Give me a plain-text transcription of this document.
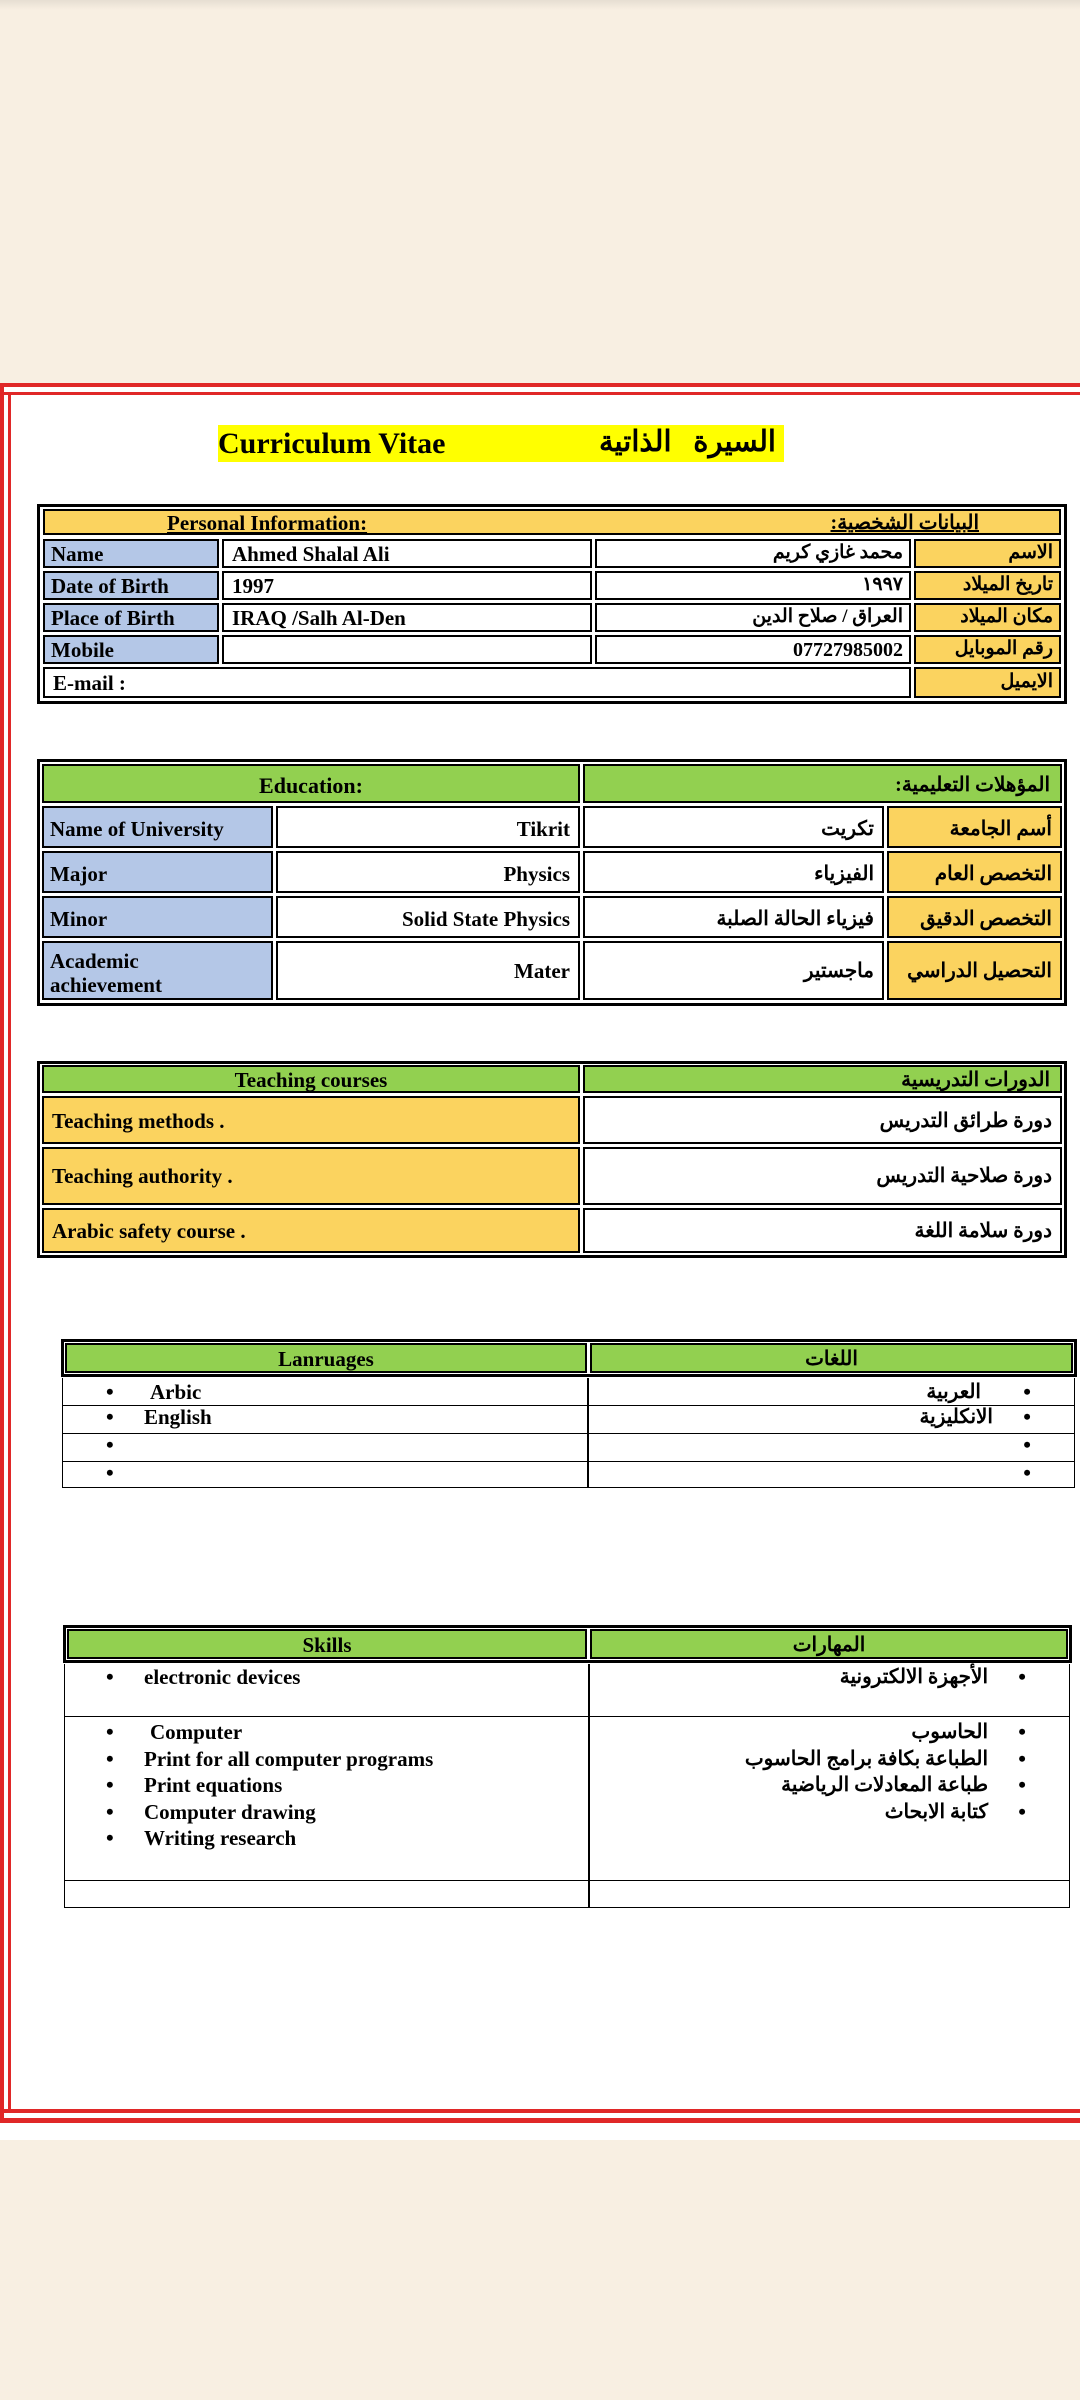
Curriculum Vitae	السيرة   الذاتية
Personal Information:	البيانات الشخصية:
Name	Ahmed Shalal Ali	محمد غازي كريم	الاسم
Date of Birth	1997	١٩٩٧	تاريخ الميلاد
Place of Birth	IRAQ /Salh Al-Den	العراق / صلاح الدين	مكان الميلاد
Mobile	07727985002	رقم الموبايل
E-mail :	الايميل
Education:	المؤهلات التعليمية:
Name of University	Tikrit	تكريت	أسم الجامعة
Major	Physics	الفيزياء	التخصص العام
Minor	Solid State Physics	فيزياء الحالة الصلبة	التخصص الدقيق
Academic
achievement
Mater	ماجستير	التحصيل الدراسي
Teaching courses	الدورات التدريسية
Teaching methods .	دورة طرائق التدريس
Teaching authority .	دورة صلاحية التدريس
Arabic safety course .	دورة سلامة اللغة
Lanruages	اللغات
• Arbic
• English
•
•
• العربية
• الانكليزية
•
•
Skills	المهارات
• electronic devices
•	الأجهزة الالكترونية
• Computer
• Print for all computer programs
• Print equations
• Computer drawing
• Writing research
• الحاسوب
• الطباعة بكافة برامج الحاسوب
• طباعة المعادلات الرياضية
• كتابة الابحاث
